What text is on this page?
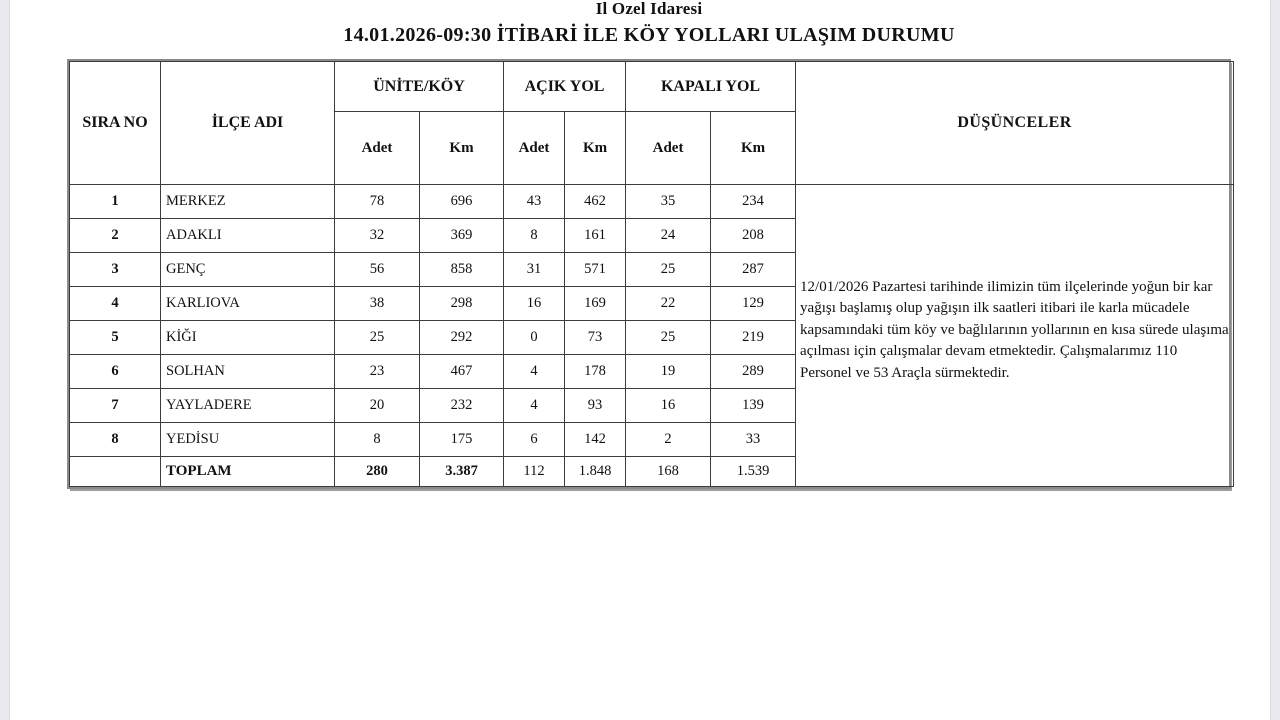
Il Ozel Idaresi
14.01.2026-09:30 İTİBARİ İLE KÖY YOLLARI ULAŞIM DURUMU
SIRA NO	İLÇE ADI	ÜNİTE/KÖY		AÇIK YOL		KAPALI YOL		DÜŞÜNCELER
		Adet	Km	Adet	Km	Adet	Km	
1	MERKEZ	78	696	43	462	35	234	12/01/2026 Pazartesi tarihinde ilimizin tüm ilçelerinde yoğun bir kar yağışı başlamış olup yağışın ilk saatleri itibari ile karla mücadele kapsamındaki tüm köy ve bağlılarının yollarının en kısa sürede ulaşıma açılması için çalışmalar devam etmektedir. Çalışmalarımız 110 Personel ve 53 Araçla sürmektedir.

2	ADAKLI	32	369	8	161	24	208	
3	GENÇ	56	858	31	571	25	287	
4	KARLIOVA	38	298	16	169	22	129	
5	KİĞI	25	292	0	73	25	219	
6	SOLHAN	23	467	4	178	19	289	
7	YAYLADERE	20	232	4	93	16	139	
8	YEDİSU	8	175	6	142	2	33	
	TOPLAM	280	3.387	112	1.848	168	1.539	
